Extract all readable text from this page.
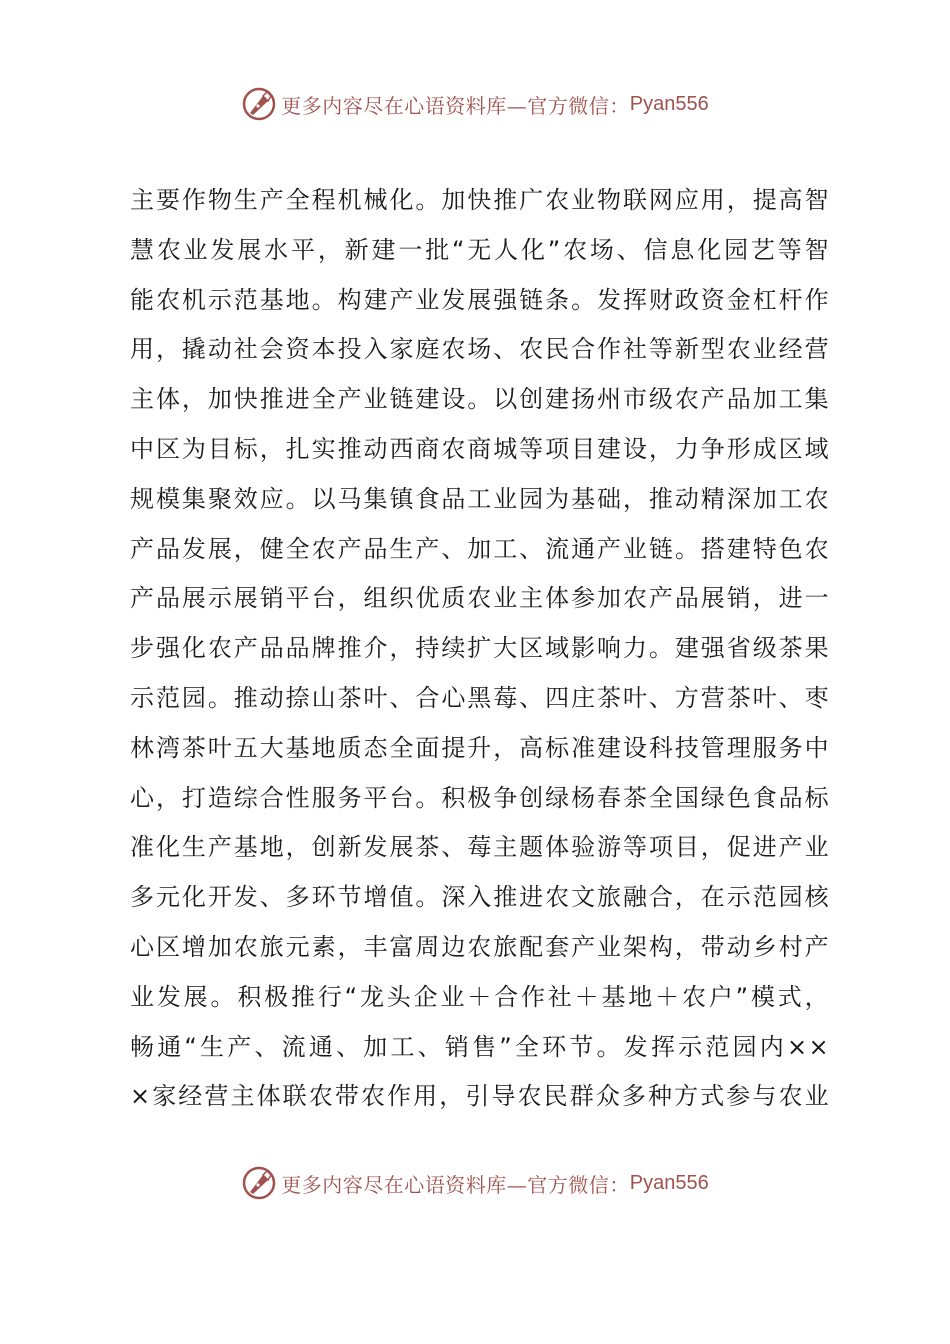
更多内容尽在心语资料库—官方微信： Pyan556
主要作物生产全程机械化。加快推广农业物联网应用，提高智
慧农业发展水平，新建一批“无人化”农场、信息化园艺等智
能农机示范基地。构建产业发展强链条。发挥财政资金杠杆作
用，撬动社会资本投入家庭农场、农民合作社等新型农业经营
主体，加快推进全产业链建设。以创建扬州市级农产品加工集
中区为目标，扎实推动西商农商城等项目建设，力争形成区域
规模集聚效应。以马集镇食品工业园为基础，推动精深加工农
产品发展，健全农产品生产、加工、流通产业链。搭建特色农
产品展示展销平台，组织优质农业主体参加农产品展销，进一
步强化农产品品牌推介，持续扩大区域影响力。建强省级茶果
示范园。推动捺山茶叶、合心黑莓、四庄茶叶、方营茶叶、枣
林湾茶叶五大基地质态全面提升，高标准建设科技管理服务中
心，打造综合性服务平台。积极争创绿杨春茶全国绿色食品标
准化生产基地，创新发展茶、莓主题体验游等项目，促进产业
多元化开发、多环节增值。深入推进农文旅融合，在示范园核
心区增加农旅元素，丰富周边农旅配套产业架构，带动乡村产
业发展。积极推行“龙头企业＋合作社＋基地＋农户”模式，
畅通“生产、流通、加工、销售”全环节。发挥示范园内××
×家经营主体联农带农作用，引导农民群众多种方式参与农业
更多内容尽在心语资料库—官方微信： Pyan556
